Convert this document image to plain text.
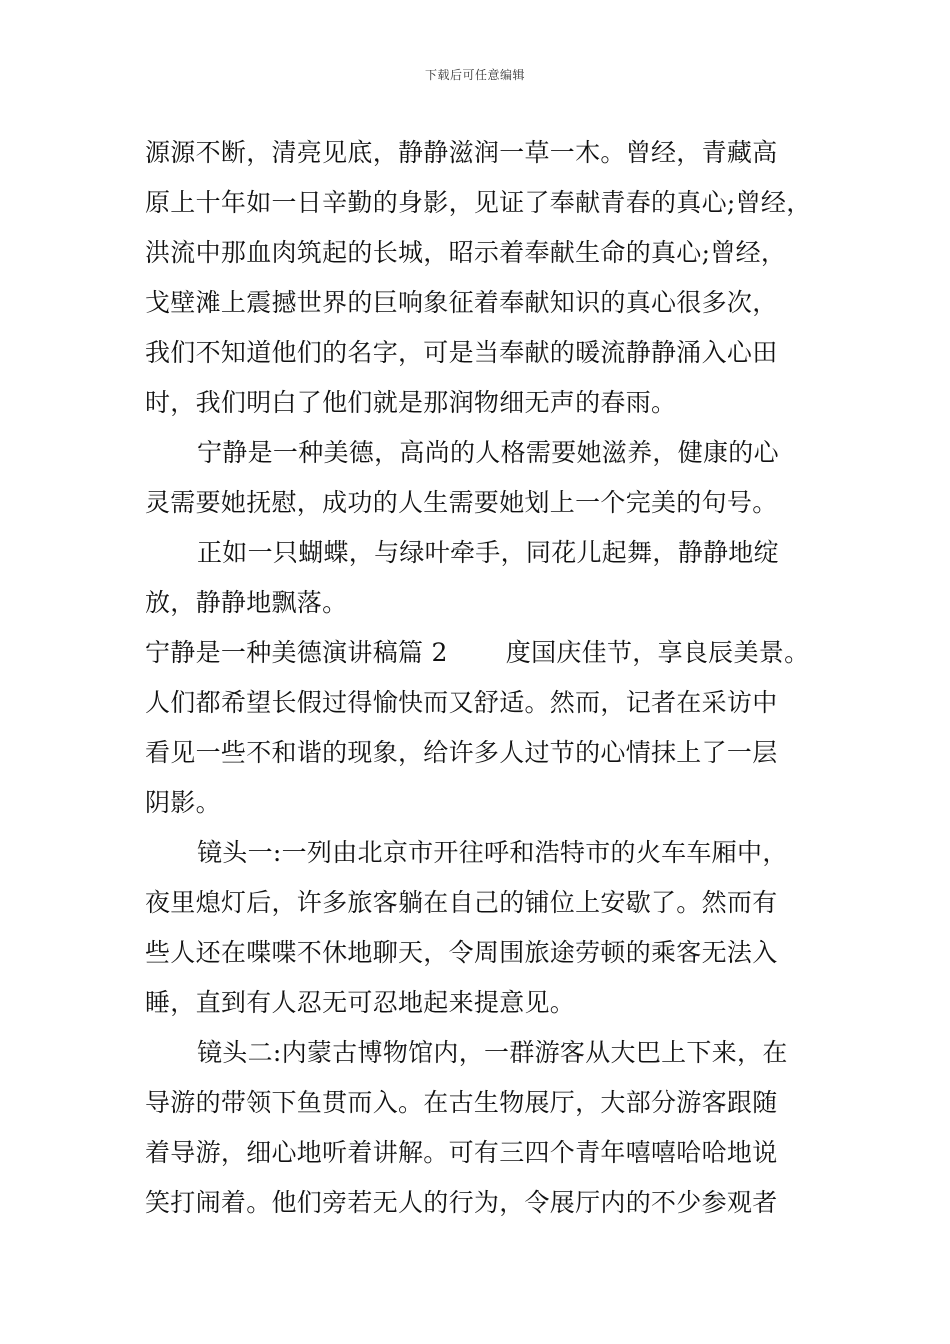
下载后可任意编辑
源源不断，清亮见底，静静滋润一草一木。曾经，青藏高
原上十年如一日辛勤的身影，见证了奉献青春的真心;曾经，
洪流中那血肉筑起的长城，昭示着奉献生命的真心;曾经，
戈壁滩上震撼世界的巨响象征着奉献知识的真心很多次，
我们不知道他们的名字，可是当奉献的暖流静静涌入心田
时，我们明白了他们就是那润物细无声的春雨。
宁静是一种美德，高尚的人格需要她滋养，健康的心
灵需要她抚慰，成功的人生需要她划上一个完美的句号。
正如一只蝴蝶，与绿叶牵手，同花儿起舞，静静地绽
放，静静地飘落。
宁静是一种美德演讲稿篇 2 度国庆佳节，享良辰美景。
人们都希望长假过得愉快而又舒适。然而，记者在采访中
看见一些不和谐的现象，给许多人过节的心情抹上了一层
阴影。
镜头一:一列由北京市开往呼和浩特市的火车车厢中，
夜里熄灯后，许多旅客躺在自己的铺位上安歇了。然而有
些人还在喋喋不休地聊天，令周围旅途劳顿的乘客无法入
睡，直到有人忍无可忍地起来提意见。
镜头二:内蒙古博物馆内，一群游客从大巴上下来，在
导游的带领下鱼贯而入。在古生物展厅，大部分游客跟随
着导游，细心地听着讲解。可有三四个青年嘻嘻哈哈地说
笑打闹着。他们旁若无人的行为，令展厅内的不少参观者
